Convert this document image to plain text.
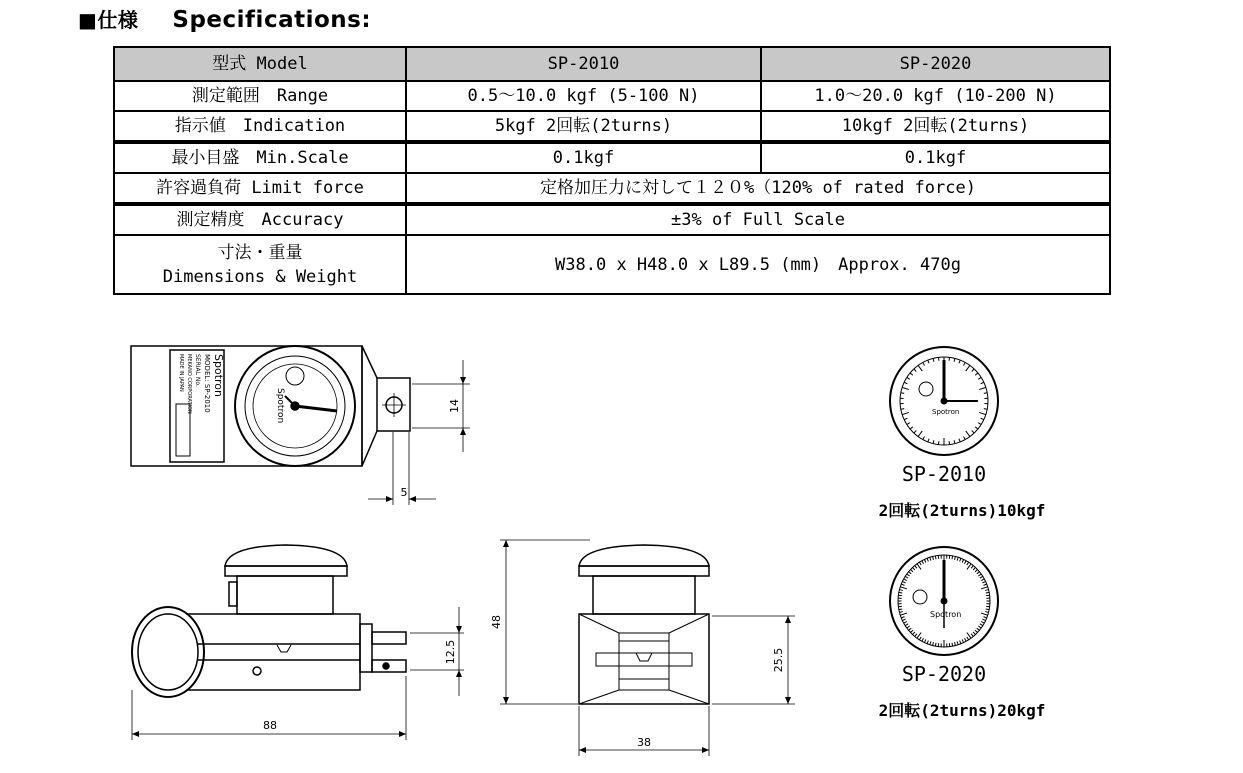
■仕様 Specifications:
型式 Model	SP-2010	SP-2020
測定範囲　Range	0.5〜10.0 kgf (5-100 N)	1.0〜20.0 kgf (10-200 N)
指示値　Indication	5kgf 2回転(2turns)	10kgf 2回転(2turns)
最小目盛　Min.Scale	0.1kgf	0.1kgf
許容過負荷 Limit force	定格加圧力に対して１２０%（120% of rated force)	
測定精度　Accuracy	±3% of Full Scale	

寸法・重量
Dimensions & Weight	W38.0 x H48.0 x L89.5 (mm)　Approx. 470g	
14
5
Spotron
MODEL: SP-2010
SERIAL No.
MEKANO CORPORATION
MADE IN JAPAN
Spotron
12.5
88
48
25.5
38
Spotron
Spotron
SP-2010
2回転(2turns)10kgf
SP-2020
2回転(2turns)20kgf
